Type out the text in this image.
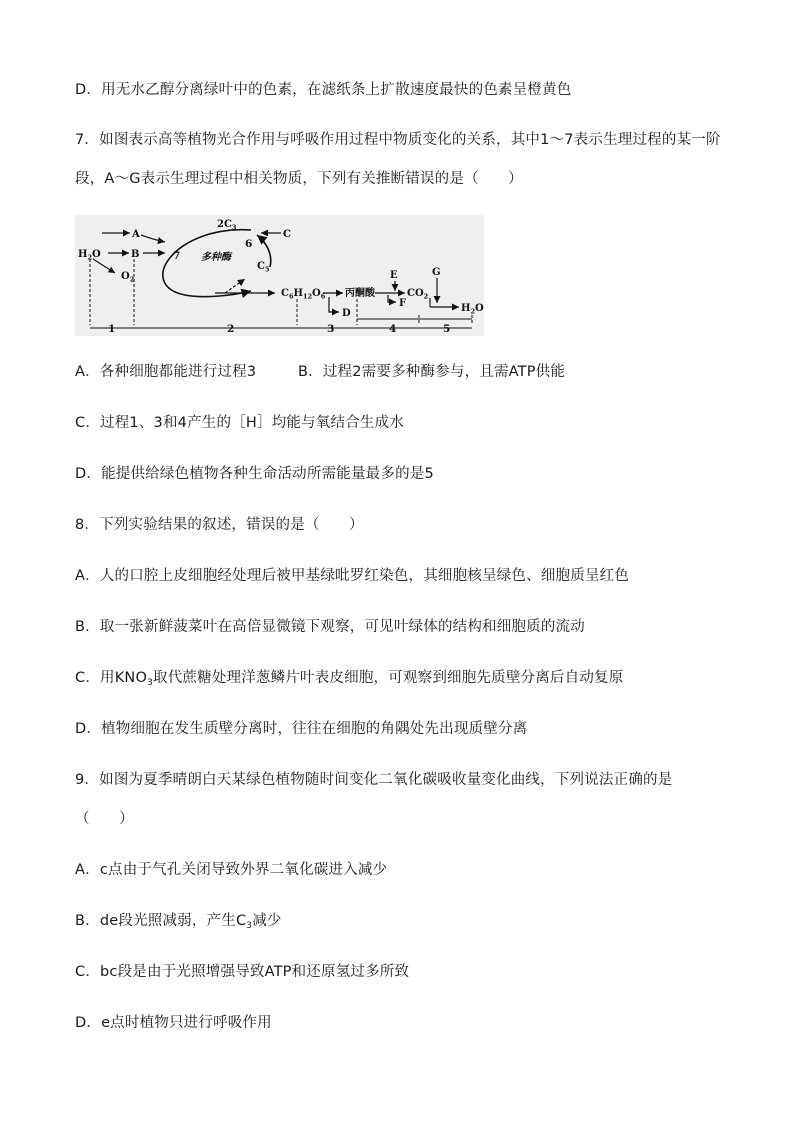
D．用无水乙醇分离绿叶中的色素，在滤纸条上扩散速度最快的色素呈橙黄色
7．如图表示高等植物光合作用与呼吸作用过程中物质变化的关系，其中1～7表示生理过程的某一阶
段，A～G表示生理过程中相关物质，下列有关推断错误的是（　　）
A
B
$H_2O$
$O_2$
$2C_3$
C
$C_5$
多种酶
$C_6H_{12}O_6$ 丙酮酸	$CO_2$
E
F
G
D	$H_2O$
7
6
1	2	3	4	5
A．各种细胞都能进行过程3	B．过程2需要多种酶参与，且需ATP供能
C．过程1、3和4产生的［H］均能与氧结合生成水
D．能提供给绿色植物各种生命活动所需能量最多的是5
8．下列实验结果的叙述，错误的是（　　）
A．人的口腔上皮细胞经处理后被甲基绿吡罗红染色，其细胞核呈绿色、细胞质呈红色
B．取一张新鲜菠菜叶在高倍显微镜下观察，可见叶绿体的结构和细胞质的流动
C．用$KNO_3$取代蔗糖处理洋葱鳞片叶表皮细胞，可观察到细胞先质壁分离后自动复原
D．植物细胞在发生质壁分离时，往往在细胞的角隅处先出现质壁分离
9．如图为夏季晴朗白天某绿色植物随时间变化二氧化碳吸收量变化曲线，下列说法正确的是
（　　）
A．c点由于气孔关闭导致外界二氧化碳进入减少
B．de段光照减弱，产生$C_3$减少
C．bc段是由于光照增强导致ATP和还原氢过多所致
D．e点时植物只进行呼吸作用
